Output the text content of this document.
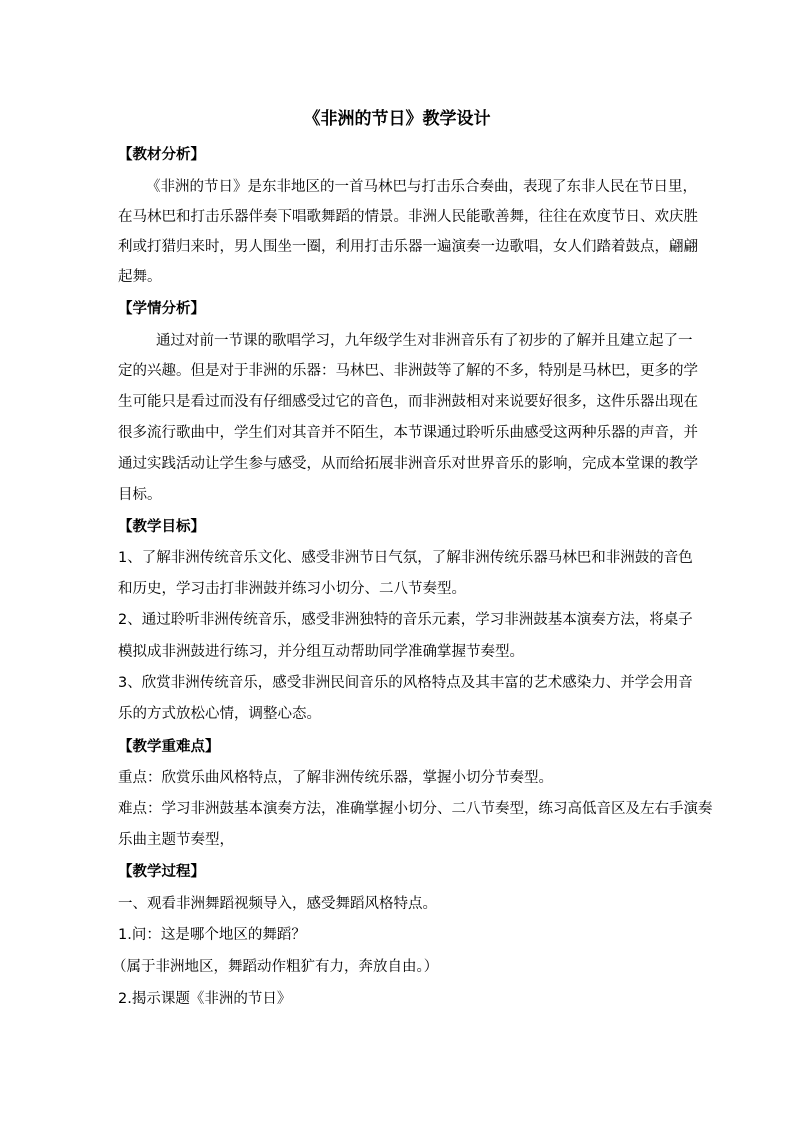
《非洲的节日》教学设计
【教材分析】
《非洲的节日》是东非地区的一首马林巴与打击乐合奏曲，表现了东非人民在节日里，
在马林巴和打击乐器伴奏下唱歌舞蹈的情景。非洲人民能歌善舞，往往在欢度节日、欢庆胜
利或打猎归来时，男人围坐一圈，利用打击乐器一遍演奏一边歌唱，女人们踏着鼓点，翩翩
起舞。
【学情分析】
通过对前一节课的歌唱学习，九年级学生对非洲音乐有了初步的了解并且建立起了一
定的兴趣。但是对于非洲的乐器：马林巴、非洲鼓等了解的不多，特别是马林巴，更多的学
生可能只是看过而没有仔细感受过它的音色，而非洲鼓相对来说要好很多，这件乐器出现在
很多流行歌曲中，学生们对其音并不陌生，本节课通过聆听乐曲感受这两种乐器的声音，并
通过实践活动让学生参与感受，从而给拓展非洲音乐对世界音乐的影响，完成本堂课的教学
目标。
【教学目标】
1、了解非洲传统音乐文化、感受非洲节日气氛，了解非洲传统乐器马林巴和非洲鼓的音色
和历史，学习击打非洲鼓并练习小切分、二八节奏型。
2、通过聆听非洲传统音乐，感受非洲独特的音乐元素，学习非洲鼓基本演奏方法，将桌子
模拟成非洲鼓进行练习，并分组互动帮助同学准确掌握节奏型。
3、欣赏非洲传统音乐，感受非洲民间音乐的风格特点及其丰富的艺术感染力、并学会用音
乐的方式放松心情，调整心态。
【教学重难点】
重点：欣赏乐曲风格特点，了解非洲传统乐器，掌握小切分节奏型。
难点：学习非洲鼓基本演奏方法，准确掌握小切分、二八节奏型，练习高低音区及左右手演奏
乐曲主题节奏型，
【教学过程】
一、观看非洲舞蹈视频导入，感受舞蹈风格特点。
1.问：这是哪个地区的舞蹈？
（属于非洲地区，舞蹈动作粗犷有力，奔放自由。）
2.揭示课题《非洲的节日》
